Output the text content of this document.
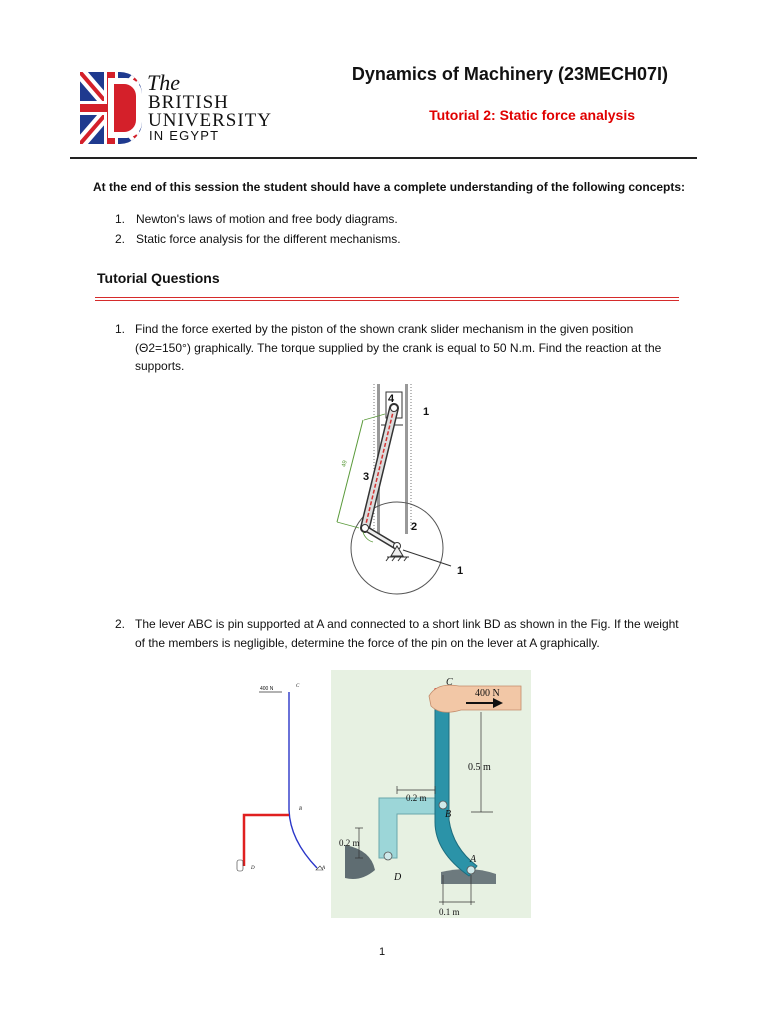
The
BRITISH
UNIVERSITY
IN EGYPT
Dynamics of Machinery (23MECH07I)
Tutorial 2: Static force analysis
At the end of this session the student should have a complete understanding of the following concepts:
1. Newton's laws of motion and free body diagrams.
2. Static force analysis for the different mechanisms.
Tutorial Questions
1. Find the force exerted by the piston of the shown crank slider mechanism in the given position (Θ2=150°) graphically. The torque supplied by the crank is equal to 50 N.m. Find the reaction at the supports.
4
1
3
2
1
49
2. The lever ABC is pin supported at A and connected to a short link BD as shown in the Fig. If the weight of the members is negligible, determine the force of the pin on the lever at A graphically.
400 N	C
B
A
D
C
400 N
0.5 m
0.2 m
B
0.2 m
A
D
0.1 m
1
